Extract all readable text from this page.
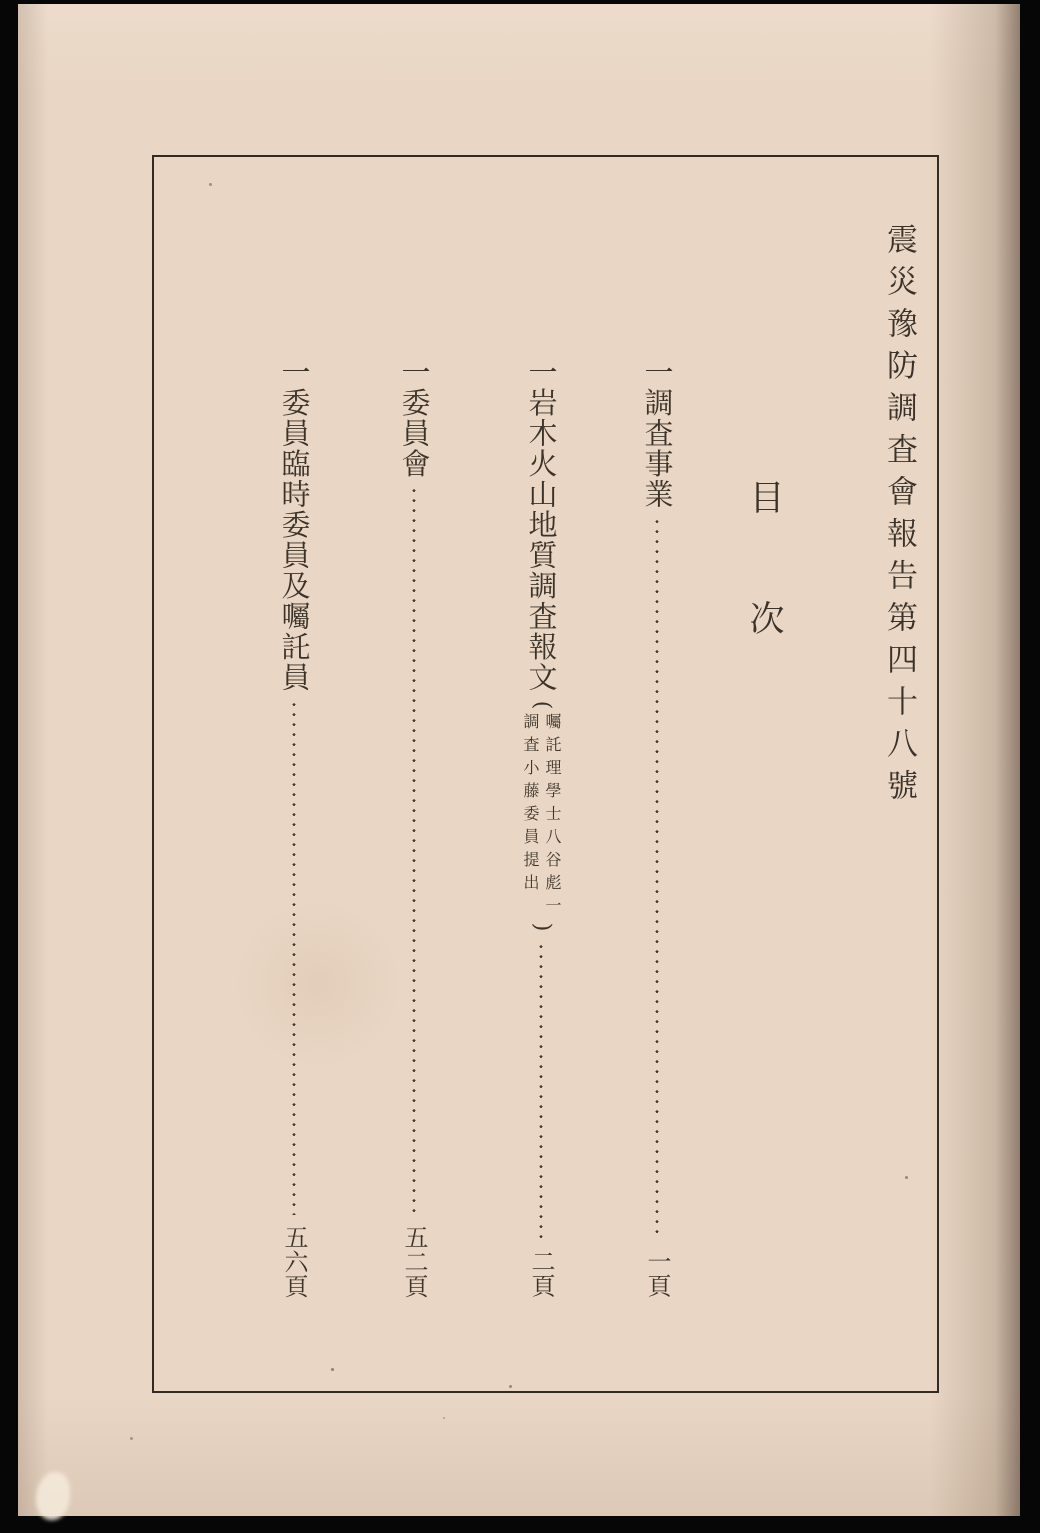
震災豫防調査會報告第四十八號
目次
一調査事業
一頁
一岩木火山地質調査報文
(
囑託理學士八谷彪一
調査小藤委員提出
)
二頁
一委員會
五二頁
一委員臨時委員及囑託員
五六頁
